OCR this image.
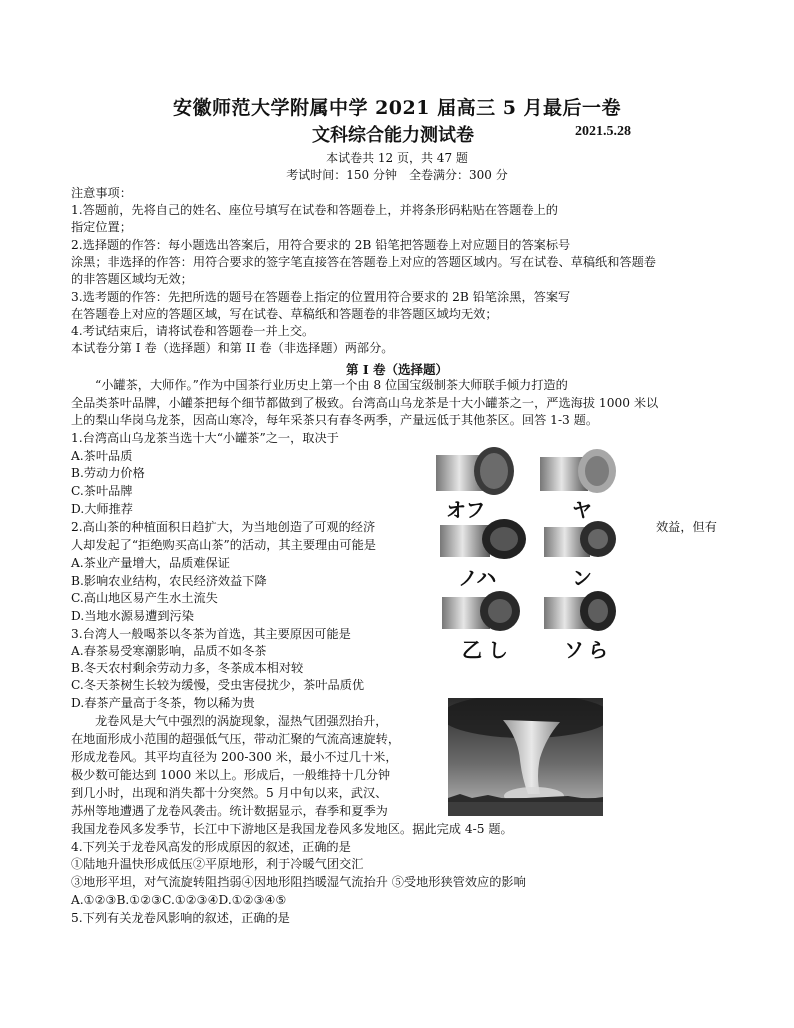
安徽师范大学附属中学 2021 届高三 5 月最后一卷
文科综合能力测试卷	2021.5.28
本试卷共 12 页，共 47 题
考试时间：150 分钟　全卷满分：300 分
注意事项：
1.答题前，先将自己的姓名、座位号填写在试卷和答题卷上，并将条形码粘贴在答题卷上的
指定位置；
2.选择题的作答：每小题选出答案后，用符合要求的 2B 铅笔把答题卷上对应题目的答案标号
涂黑；非选择的作答：用符合要求的签字笔直接答在答题卷上对应的答题区域内。写在试卷、草稿纸和答题卷
的非答题区域均无效；
3.选考题的作答：先把所选的题号在答题卷上指定的位置用符合要求的 2B 铅笔涂黑，答案写
在答题卷上对应的答题区域，写在试卷、草稿纸和答题卷的非答题区域均无效；
4.考试结束后，请将试卷和答题卷一并上交。
本试卷分第 I 卷（选择题）和第 II 卷（非选择题）两部分。
第 I 卷（选择题）
“小罐茶，大师作。”作为中国茶行业历史上第一个由 8 位国宝级制茶大师联手倾力打造的
全品类茶叶品牌，小罐茶把每个细节都做到了极致。台湾高山乌龙茶是十大小罐茶之一，严选海拔 1000 米以
上的梨山华岗乌龙茶，因高山寒冷，每年采茶只有春冬两季，产量远低于其他茶区。回答 1-3 题。
1.台湾高山乌龙茶当选十大“小罐茶”之一，取决于
A.茶叶品质
B.劳动力价格
C.茶叶品牌
D.大师推荐
2.高山茶的种植面积日趋扩大，为当地创造了可观的经济	效益，但有
人却发起了“拒绝购买高山茶”的活动，其主要理由可能是
A.茶业产量增大，品质难保证
B.影响农业结构，农民经济效益下降
C.高山地区易产生水土流失
D.当地水源易遭到污染
3.台湾人一般喝茶以冬茶为首选，其主要原因可能是
A.春茶易受寒潮影响，品质不如冬茶
B.冬天农村剩余劳动力多，冬茶成本相对较
C.冬天茶树生长较为缓慢，受虫害侵扰少，茶叶品质优
D.春茶产量高于冬茶，物以稀为贵
龙卷风是大气中强烈的涡旋现象，湿热气团强烈抬升，
在地面形成小范围的超强低气压，带动汇聚的气流高速旋转，
形成龙卷风。其平均直径为 200-300 米，最小不过几十米，
极少数可能达到 1000 米以上。形成后，一般维持十几分钟
到几小时，出现和消失都十分突然。5 月中旬以来，武汉、
苏州等地遭遇了龙卷风袭击。统计数据显示，春季和夏季为
我国龙卷风多发季节，长江中下游地区是我国龙卷风多发地区。据此完成 4-5 题。
4.下列关于龙卷风高发的形成原因的叙述，正确的是
①陆地升温快形成低压②平原地形，利于冷暖气团交汇
③地形平坦，对气流旋转阻挡弱④因地形阻挡暖湿气流抬升 ⑤受地形狭管效应的影响
A.①②③B.①②③C.①②③④D.①②③④⑤
5.下列有关龙卷风影响的叙述，正确的是
オフ	ヤ
ノハ	ン
乙 し	ソ ら
